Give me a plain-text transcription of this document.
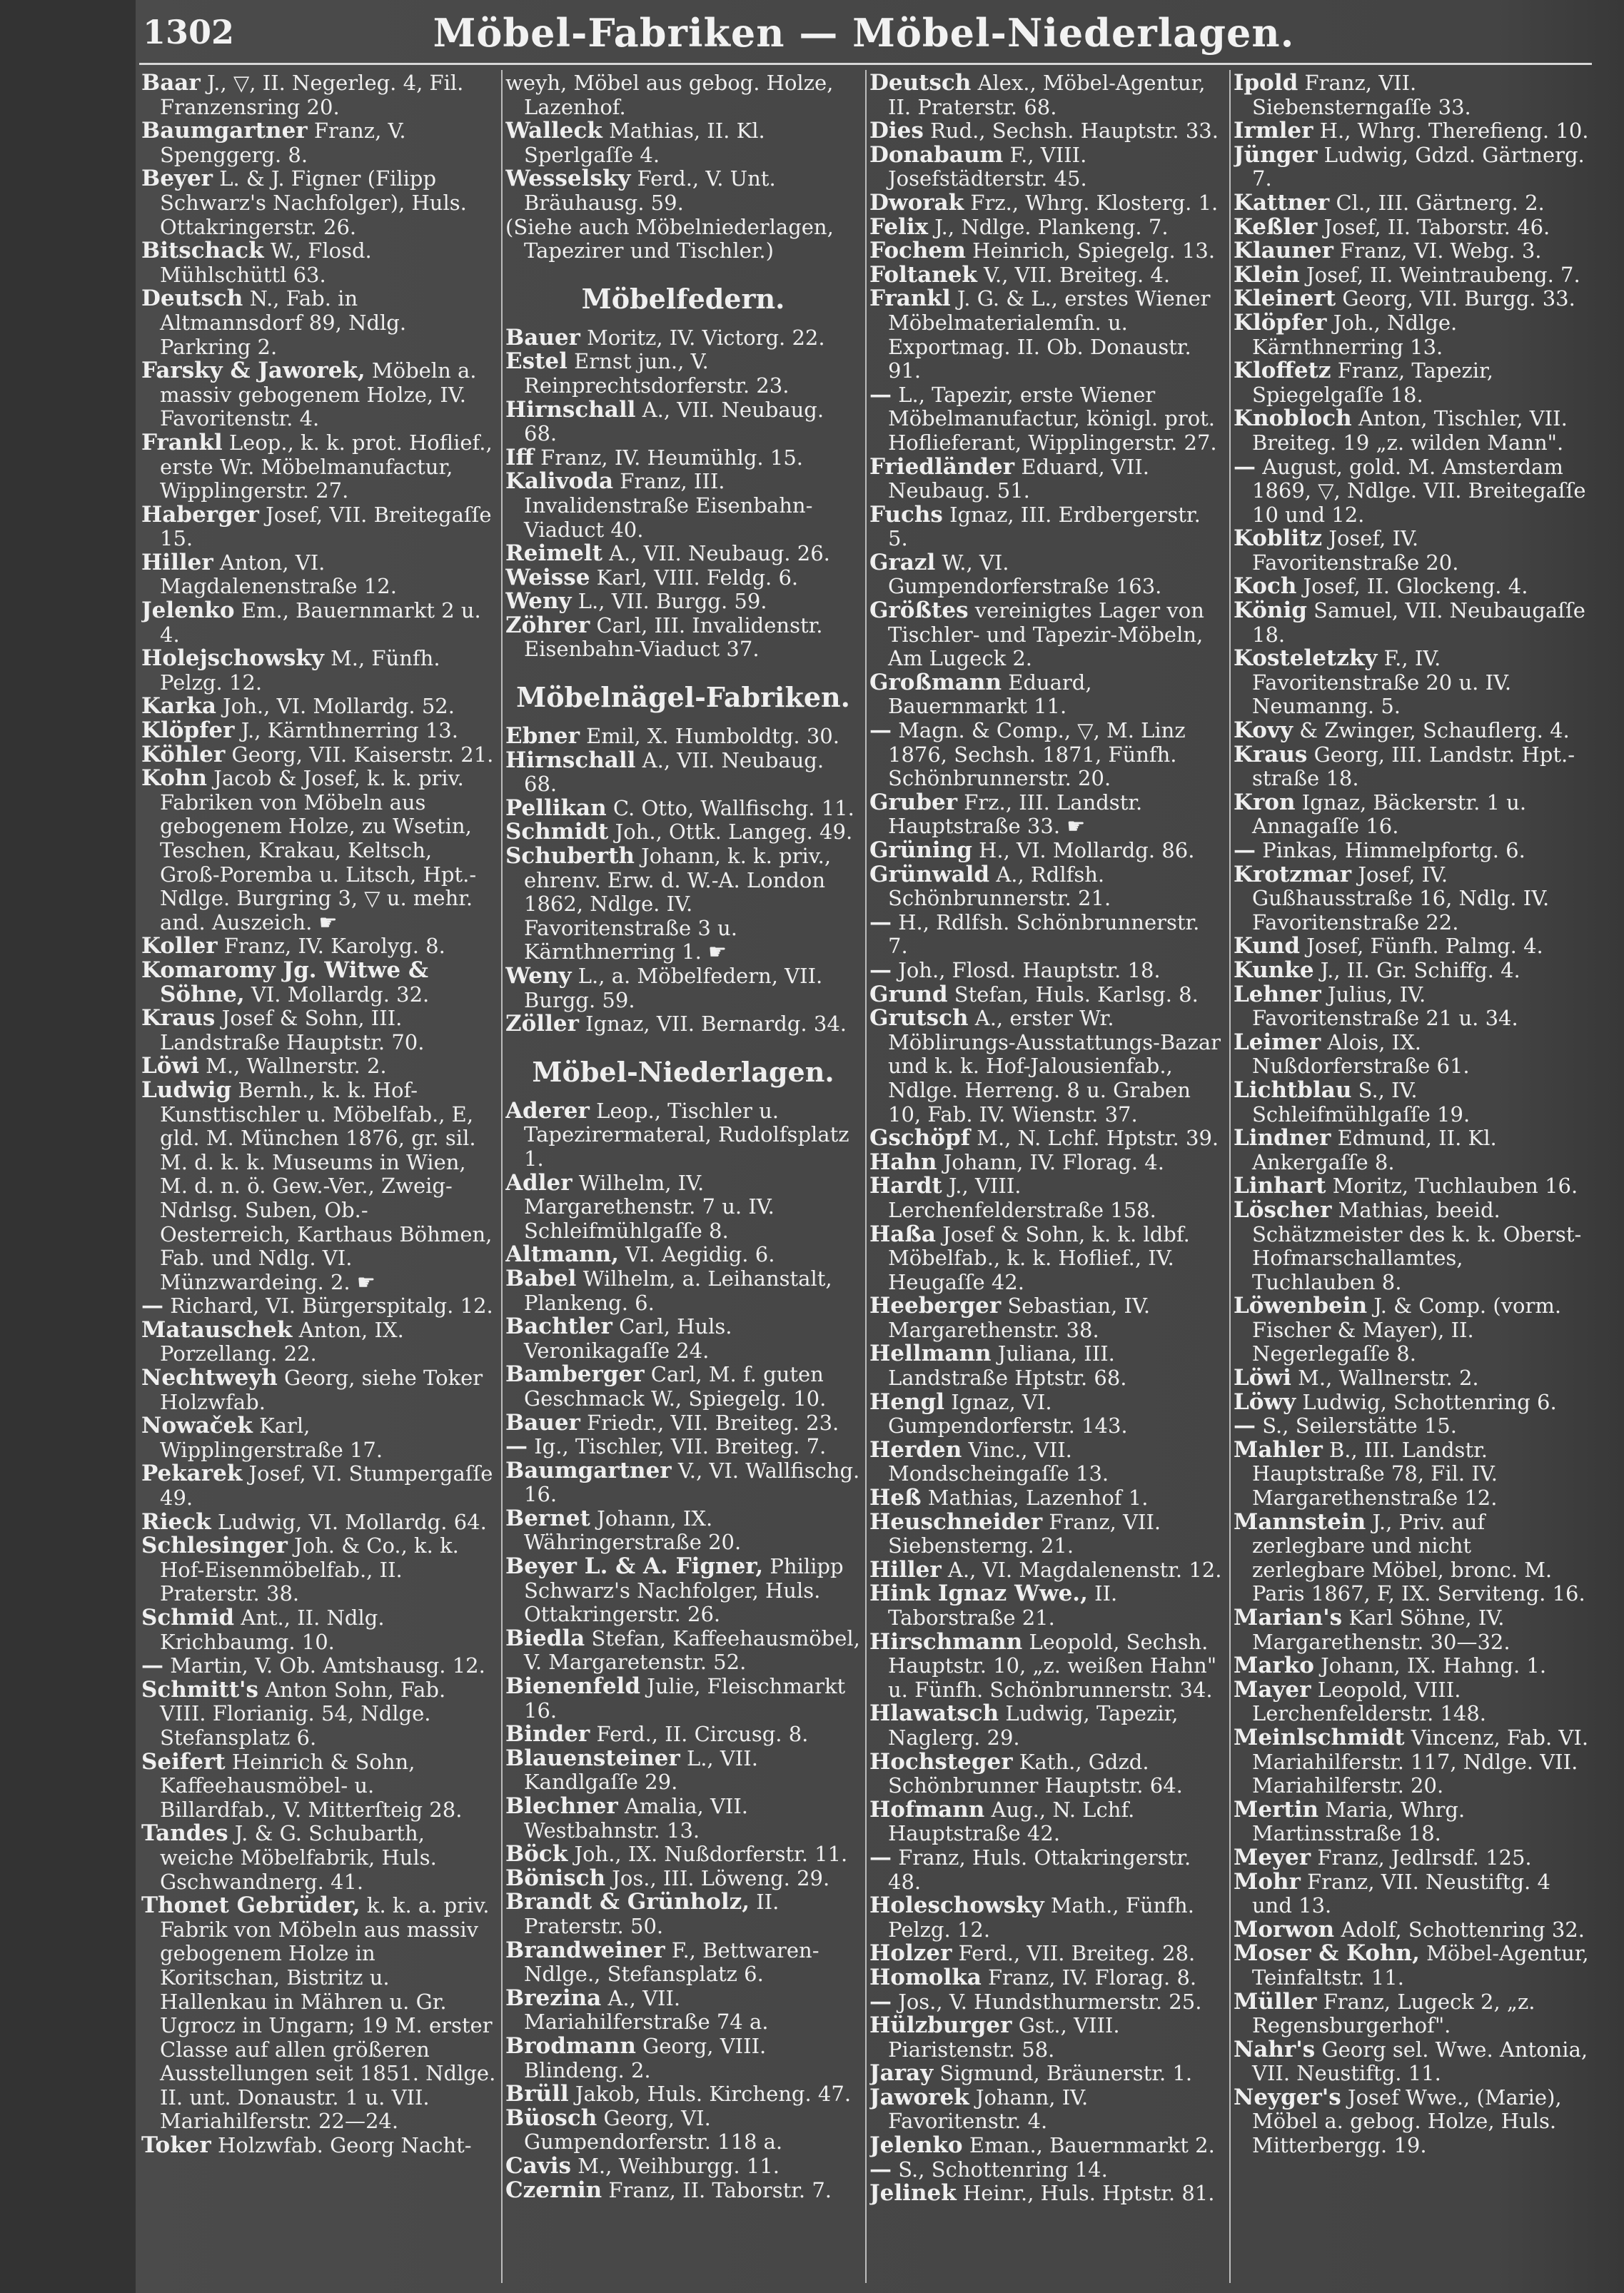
1302	Möbel-Fabriken — Möbel-Niederlagen.

Baar J., ▽, II. Negerleg. 4, Fil. Franzensring 20.

Baumgartner Franz, V. Spenggerg. 8.

Beyer L. & J. Figner (Filipp Schwarz's Nachfolger), Huls. Ottakringerstr. 26.

Bitschack W., Flosd. Mühlschüttl 63.

Deutsch N., Fab. in Altmannsdorf 89, Ndlg. Parkring 2.

Farsky & Jaworek, Möbeln a. massiv gebogenem Holze, IV. Favoritenstr. 4.

Frankl Leop., k. k. prot. Hoflief., erste Wr. Möbelmanufactur, Wipplingerstr. 27.

Haberger Josef, VII. Breitegaſſe 15.

Hiller Anton, VI. Magdalenenstraße 12.

Jelenko Em., Bauernmarkt 2 u. 4.

Holejschowsky M., Fünfh. Pelzg. 12.

Karka Joh., VI. Mollardg. 52.

Klöpfer J., Kärnthnerring 13.

Köhler Georg, VII. Kaiserstr. 21.

Kohn Jacob & Josef, k. k. priv. Fabriken von Möbeln aus gebogenem Holze, zu Wsetin, Teschen, Krakau, Keltsch, Groß-Poremba u. Litsch, Hpt.-Ndlge. Burgring 3, ▽ u. mehr. and. Auszeich. ☛

Koller Franz, IV. Karolyg. 8.

Komaromy Jg. Witwe & Söhne, VI. Mollardg. 32.

Kraus Josef & Sohn, III. Landstraße Hauptstr. 70.

Löwi M., Wallnerstr. 2.

Ludwig Bernh., k. k. Hof-Kunsttischler u. Möbelfab., E, gld. M. München 1876, gr. sil. M. d. k. k. Museums in Wien, M. d. n. ö. Gew.-Ver., Zweig-Ndrlsg. Suben, Ob.-Oesterreich, Karthaus Böhmen, Fab. und Ndlg. VI. Münzwardeing. 2. ☛

— Richard, VI. Bürgerspitalg. 12.

Matauschek Anton, IX. Porzellang. 22.

Nechtweyh Georg, siehe Toker Holzwfab.

Nowaček Karl, Wipplingerstraße 17.

Pekarek Josef, VI. Stumpergaſſe 49.

Rieck Ludwig, VI. Mollardg. 64.

Schlesinger Joh. & Co., k. k. Hof-Eisenmöbelfab., II. Praterstr. 38.

Schmid Ant., II. Ndlg. Krichbaumg. 10.

— Martin, V. Ob. Amtshausg. 12.

Schmitt's Anton Sohn, Fab. VIII. Florianig. 54, Ndlge. Stefansplatz 6.

Seifert Heinrich & Sohn, Kaffeehausmöbel- u. Billardfab., V. Mitterſteig 28.

Tandes J. & G. Schubarth, weiche Möbelfabrik, Huls. Gschwandnerg. 41.

Thonet Gebrüder, k. k. a. priv. Fabrik von Möbeln aus massiv gebogenem Holze in Koritschan, Bistritz u. Hallenkau in Mähren u. Gr. Ugrocz in Ungarn; 19 M. erster Classe auf allen größeren Ausstellungen seit 1851. Ndlge. II. unt. Donaustr. 1 u. VII. Mariahilferstr. 22—24.

Toker Holzwfab. Georg Nacht-

weyh, Möbel aus gebog. Holze, Lazenhof.

Walleck Mathias, II. Kl. Sperlgaſſe 4.

Wesselsky Ferd., V. Unt. Bräuhausg. 59.

(Siehe auch Möbelniederlagen, Tapezirer und Tischler.)

Möbelfedern.

Bauer Moritz, IV. Victorg. 22.

Estel Ernst jun., V. Reinprechtsdorferstr. 23.

Hirnschall A., VII. Neubaug. 68.

Iff Franz, IV. Heumühlg. 15.

Kalivoda Franz, III. Invalidenstraße Eisenbahn-Viaduct 40.

Reimelt A., VII. Neubaug. 26.

Weisse Karl, VIII. Feldg. 6.

Weny L., VII. Burgg. 59.

Zöhrer Carl, III. Invalidenstr. Eisenbahn-Viaduct 37.

Möbelnägel-Fabriken.

Ebner Emil, X. Humboldtg. 30.

Hirnschall A., VII. Neubaug. 68.

Pellikan C. Otto, Wallfischg. 11.

Schmidt Joh., Ottk. Langeg. 49.

Schuberth Johann, k. k. priv., ehrenv. Erw. d. W.-A. London 1862, Ndlge. IV. Favoritenstraße 3 u. Kärnthnerring 1. ☛

Weny L., a. Möbelfedern, VII. Burgg. 59.

Zöller Ignaz, VII. Bernardg. 34.

Möbel-Niederlagen.

Aderer Leop., Tischler u. Tapezirermateral, Rudolfsplatz 1.

Adler Wilhelm, IV. Margarethenstr. 7 u. IV. Schleifmühlgaſſe 8.

Altmann, VI. Aegidig. 6.

Babel Wilhelm, a. Leihanstalt, Plankeng. 6.

Bachtler Carl, Huls. Veronikagaſſe 24.

Bamberger Carl, M. f. guten Geschmack W., Spiegelg. 10.

Bauer Friedr., VII. Breiteg. 23.

— Ig., Tischler, VII. Breiteg. 7.

Baumgartner V., VI. Wallfischg. 16.

Bernet Johann, IX. Währingerstraße 20.

Beyer L. & A. Figner, Philipp Schwarz's Nachfolger, Huls. Ottakringerstr. 26.

Biedla Stefan, Kaffeehausmöbel, V. Margaretenstr. 52.

Bienenfeld Julie, Fleischmarkt 16.

Binder Ferd., II. Circusg. 8.

Blauensteiner L., VII. Kandlgaſſe 29.

Blechner Amalia, VII. Westbahnstr. 13.

Böck Joh., IX. Nußdorferstr. 11.

Bönisch Jos., III. Löweng. 29.

Brandt & Grünholz, II. Praterstr. 50.

Brandweiner F., Bettwaren-Ndlge., Stefansplatz 6.

Brezina A., VII. Mariahilferstraße 74 a.

Brodmann Georg, VIII. Blindeng. 2.

Brüll Jakob, Huls. Kircheng. 47.

Büosch Georg, VI. Gumpendorferstr. 118 a.

Cavis M., Weihburgg. 11.

Czernin Franz, II. Taborstr. 7.

Deutsch Alex., Möbel-Agentur, II. Praterstr. 68.

Dies Rud., Sechsh. Hauptstr. 33.

Donabaum F., VIII. Josefstädterstr. 45.

Dworak Frz., Whrg. Klosterg. 1.

Felix J., Ndlge. Plankeng. 7.

Fochem Heinrich, Spiegelg. 13.

Foltanek V., VII. Breiteg. 4.

Frankl J. G. & L., erstes Wiener Möbelmaterialemſn. u. Exportmag. II. Ob. Donaustr. 91.

— L., Tapezir, erste Wiener Möbelmanufactur, königl. prot. Hoflieferant, Wipplingerstr. 27.

Friedländer Eduard, VII. Neubaug. 51.

Fuchs Ignaz, III. Erdbergerstr. 5.

Grazl W., VI. Gumpendorferstraße 163.

Größtes vereinigtes Lager von Tischler- und Tapezir-Möbeln, Am Lugeck 2.

Großmann Eduard, Bauernmarkt 11.

— Magn. & Comp., ▽, M. Linz 1876, Sechsh. 1871, Fünfh. Schönbrunnerstr. 20.

Gruber Frz., III. Landstr. Hauptstraße 33. ☛

Grüning H., VI. Mollardg. 86.

Grünwald A., Rdlfsh. Schönbrunnerstr. 21.

— H., Rdlfsh. Schönbrunnerstr. 7.

— Joh., Flosd. Hauptstr. 18.

Grund Stefan, Huls. Karlsg. 8.

Grutsch A., erster Wr. Möblirungs-Ausstattungs-Bazar und k. k. Hof-Jalousienfab., Ndlge. Herreng. 8 u. Graben 10, Fab. IV. Wienstr. 37.

Gschöpf M., N. Lchf. Hptstr. 39.

Hahn Johann, IV. Florag. 4.

Hardt J., VIII. Lerchenfelderstraße 158.

Haßa Josef & Sohn, k. k. ldbf. Möbelfab., k. k. Hoflief., IV. Heugaſſe 42.

Heeberger Sebastian, IV. Margarethenstr. 38.

Hellmann Juliana, III. Landstraße Hptstr. 68.

Hengl Ignaz, VI. Gumpendorferstr. 143.

Herden Vinc., VII. Mondscheingaſſe 13.

Heß Mathias, Lazenhof 1.

Heuschneider Franz, VII. Siebensterng. 21.

Hiller A., VI. Magdalenenstr. 12.

Hink Ignaz Wwe., II. Taborstraße 21.

Hirschmann Leopold, Sechsh. Hauptstr. 10, „z. weißen Hahn" u. Fünfh. Schönbrunnerstr. 34.

Hlawatsch Ludwig, Tapezir, Naglerg. 29.

Hochsteger Kath., Gdzd. Schönbrunner Hauptstr. 64.

Hofmann Aug., N. Lchf. Hauptstraße 42.

— Franz, Huls. Ottakringerstr. 48.

Holeschowsky Math., Fünfh. Pelzg. 12.

Holzer Ferd., VII. Breiteg. 28.

Homolka Franz, IV. Florag. 8.

— Jos., V. Hundsthurmerstr. 25.

Hülzburger Gst., VIII. Piaristenstr. 58.

Jaray Sigmund, Bräunerstr. 1.

Jaworek Johann, IV. Favoritenstr. 4.

Jelenko Eman., Bauernmarkt 2.

— S., Schottenring 14.

Jelinek Heinr., Huls. Hptstr. 81.

Ipold Franz, VII. Siebensterngaſſe 33.

Irmler H., Whrg. Therefieng. 10.

Jünger Ludwig, Gdzd. Gärtnerg. 7.

Kattner Cl., III. Gärtnerg. 2.

Keßler Josef, II. Taborstr. 46.

Klauner Franz, VI. Webg. 3.

Klein Josef, II. Weintraubeng. 7.

Kleinert Georg, VII. Burgg. 33.

Klöpfer Joh., Ndlge. Kärnthnerring 13.

Kloffetz Franz, Tapezir, Spiegelgaſſe 18.

Knobloch Anton, Tischler, VII. Breiteg. 19 „z. wilden Mann".

— August, gold. M. Amsterdam 1869, ▽, Ndlge. VII. Breitegaſſe 10 und 12.

Koblitz Josef, IV. Favoritenstraße 20.

Koch Josef, II. Glockeng. 4.

König Samuel, VII. Neubaugaſſe 18.

Kosteletzky F., IV. Favoritenstraße 20 u. IV. Neumanng. 5.

Kovy & Zwinger, Schauflerg. 4.

Kraus Georg, III. Landstr. Hpt.-straße 18.

Kron Ignaz, Bäckerstr. 1 u. Annagaſſe 16.

— Pinkas, Himmelpfortg. 6.

Krotzmar Josef, IV. Gußhausstraße 16, Ndlg. IV. Favoritenstraße 22.

Kund Josef, Fünfh. Palmg. 4.

Kunke J., II. Gr. Schiffg. 4.

Lehner Julius, IV. Favoritenstraße 21 u. 34.

Leimer Alois, IX. Nußdorferstraße 61.

Lichtblau S., IV. Schleifmühlgaſſe 19.

Lindner Edmund, II. Kl. Ankergaſſe 8.

Linhart Moritz, Tuchlauben 16.

Löscher Mathias, beeid. Schätzmeister des k. k. Oberst-Hofmarschallamtes, Tuchlauben 8.

Löwenbein J. & Comp. (vorm. Fischer & Mayer), II. Negerlegaſſe 8.

Löwi M., Wallnerstr. 2.

Löwy Ludwig, Schottenring 6.

— S., Seilerstätte 15.

Mahler B., III. Landstr. Hauptstraße 78, Fil. IV. Margarethenstraße 12.

Mannstein J., Priv. auf zerlegbare und nicht zerlegbare Möbel, bronc. M. Paris 1867, F, IX. Serviteng. 16.

Marian's Karl Söhne, IV. Margarethenstr. 30—32.

Marko Johann, IX. Hahng. 1.

Mayer Leopold, VIII. Lerchenfelderstr. 148.

Meinlschmidt Vincenz, Fab. VI. Mariahilferstr. 117, Ndlge. VII. Mariahilferstr. 20.

Mertin Maria, Whrg. Martinsstraße 18.

Meyer Franz, Jedlrsdf. 125.

Mohr Franz, VII. Neustiftg. 4 und 13.

Morwon Adolf, Schottenring 32.

Moser & Kohn, Möbel-Agentur, Teinfaltstr. 11.

Müller Franz, Lugeck 2, „z. Regensburgerhof".

Nahr's Georg sel. Wwe. Antonia, VII. Neustiftg. 11.

Neyger's Josef Wwe., (Marie), Möbel a. gebog. Holze, Huls. Mitterbergg. 19.
